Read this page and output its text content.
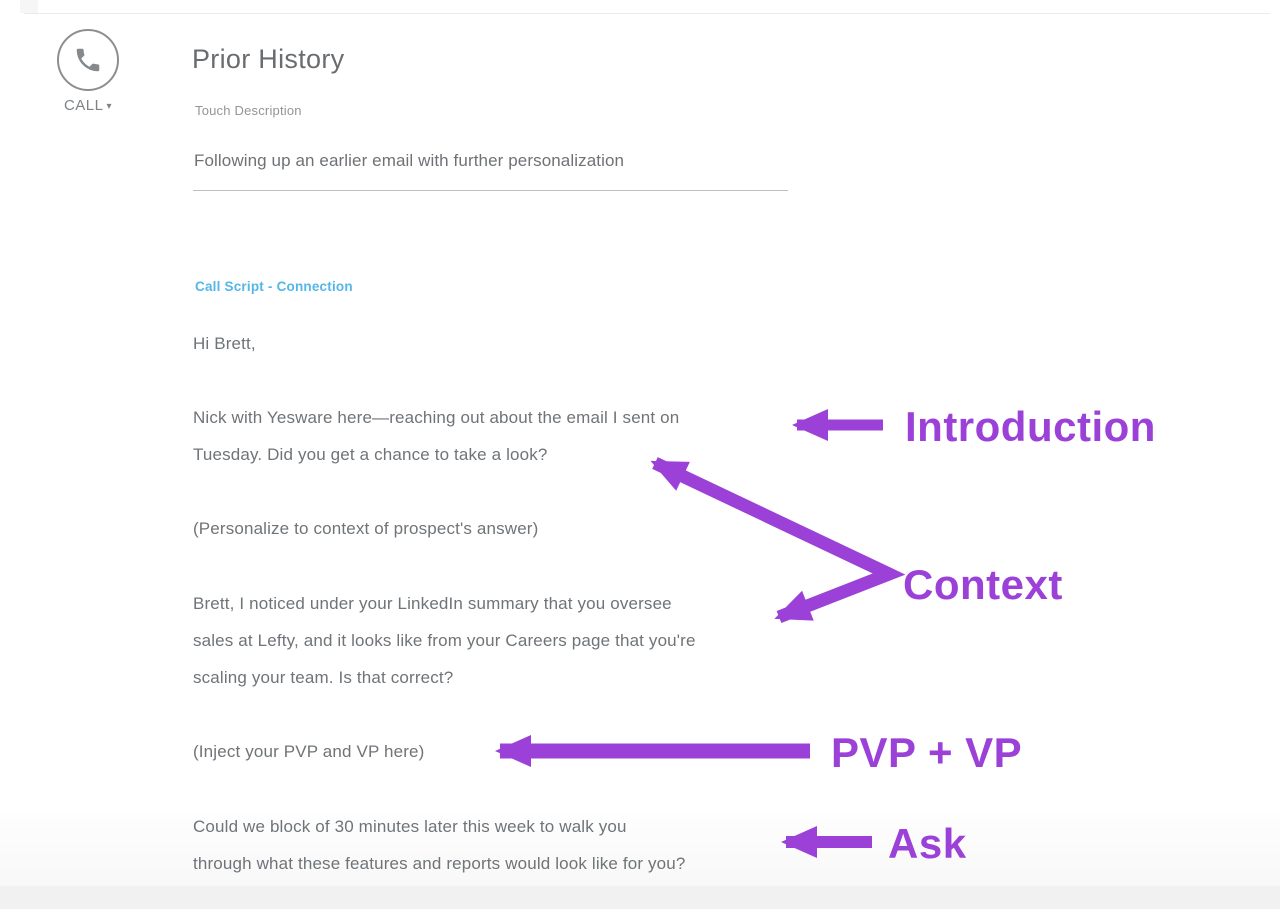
CALL ▾
Prior History
Touch Description
Following up an earlier email with further personalization
Call Script - Connection
Hi Brett,
Nick with Yesware here—reaching out about the email I sent on
Tuesday. Did you get a chance to take a look?
(Personalize to context of prospect's answer)
Brett, I noticed under your LinkedIn summary that you oversee
sales at Lefty, and it looks like from your Careers page that you're
scaling your team. Is that correct?
(Inject your PVP and VP here)
Could we block of 30 minutes later this week to walk you
through what these features and reports would look like for you?
Introduction
Context
PVP + VP
Ask
